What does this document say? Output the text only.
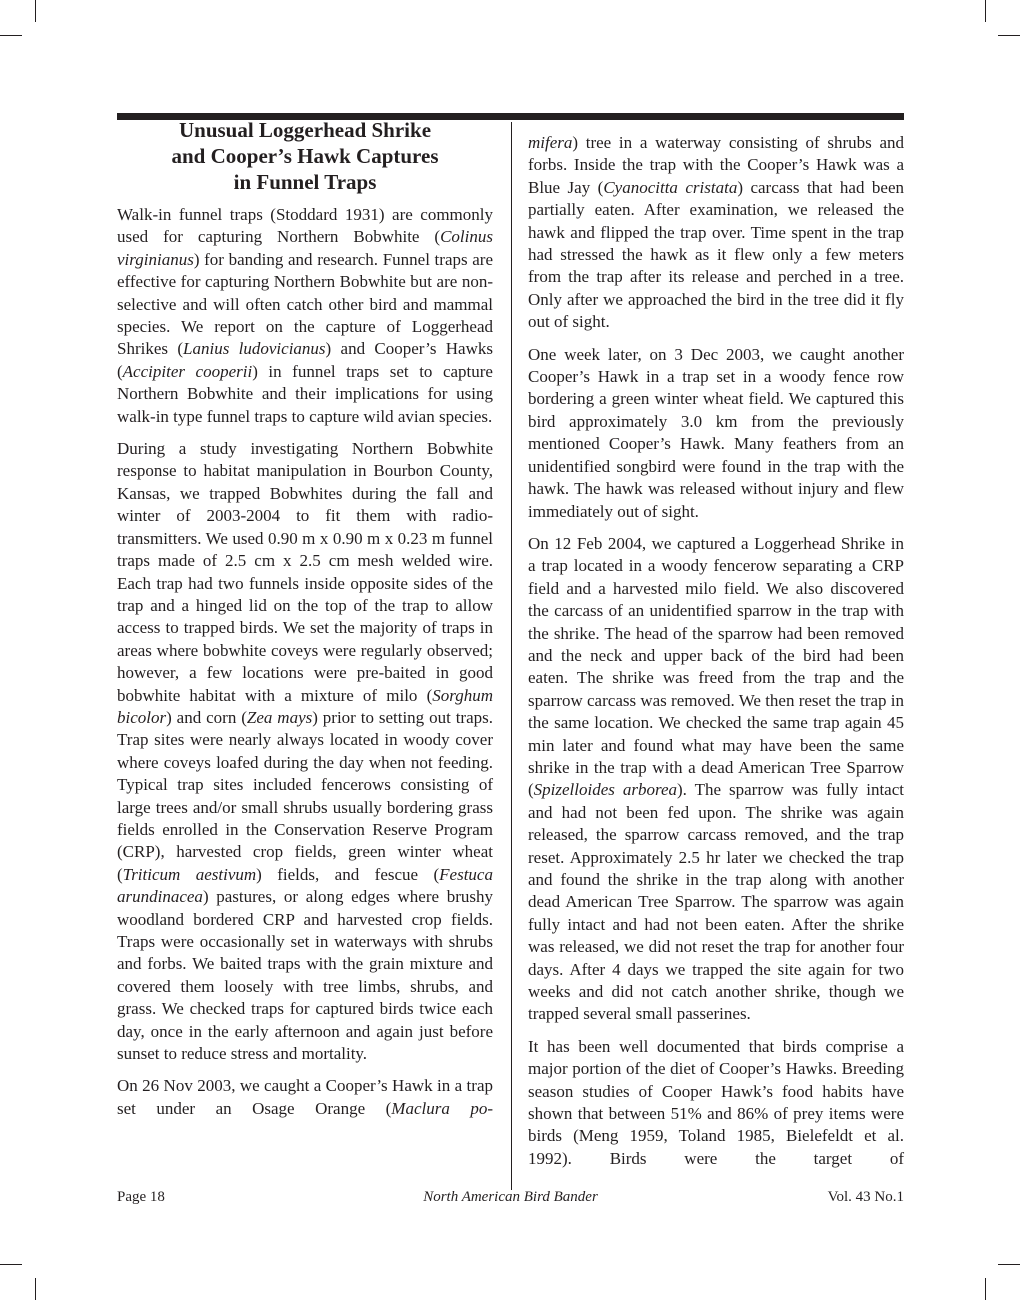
Unusual Loggerhead Shrike
and Cooper’s Hawk Captures
in Funnel Traps

Walk-in funnel traps (Stoddard 1931) are commonly used for capturing Northern Bobwhite (Colinus virginianus) for banding and research. Funnel traps are effective for capturing Northern Bobwhite but are non-selective and will often catch other bird and mammal species. We report on the capture of Loggerhead Shrikes (Lanius ludovicianus) and Cooper’s Hawks (Accipiter cooperii) in funnel traps set to capture Northern Bobwhite and their implications for using walk-in type funnel traps to capture wild avian species.

During a study investigating Northern Bobwhite response to habitat manipulation in Bourbon County, Kansas, we trapped Bobwhites during the fall and winter of 2003-2004 to fit them with radio-transmitters. We used 0.90 m x 0.90 m x 0.23 m funnel traps made of 2.5 cm x 2.5 cm mesh welded wire. Each trap had two funnels inside opposite sides of the trap and a hinged lid on the top of the trap to allow access to trapped birds. We set the majority of traps in areas where bobwhite coveys were regularly observed; however, a few locations were pre-baited in good bobwhite habitat with a mixture of milo (Sorghum bicolor) and corn (Zea mays) prior to setting out traps. Trap sites were nearly always located in woody cover where coveys loafed during the day when not feeding. Typical trap sites included fencerows consisting of large trees and/or small shrubs usually bordering grass fields enrolled in the Conservation Reserve Program (CRP), harvested crop fields, green winter wheat (Triticum aestivum) fields, and fescue (Festuca arundinacea) pastures, or along edges where brushy woodland bordered CRP and harvested crop fields. Traps were occasionally set in waterways with shrubs and forbs. We baited traps with the grain mixture and covered them loosely with tree limbs, shrubs, and grass. We checked traps for captured birds twice each day, once in the early afternoon and again just before sunset to reduce stress and mortality.

On 26 Nov 2003, we caught a Cooper’s Hawk in a trap set under an Osage Orange (Maclura po-

mifera) tree in a waterway consisting of shrubs and forbs. Inside the trap with the Cooper’s Hawk was a Blue Jay (Cyanocitta cristata) carcass that had been partially eaten. After examination, we released the hawk and flipped the trap over. Time spent in the trap had stressed the hawk as it flew only a few meters from the trap after its release and perched in a tree. Only after we approached the bird in the tree did it fly out of sight.

One week later, on 3 Dec 2003, we caught another Cooper’s Hawk in a trap set in a woody fence row bordering a green winter wheat field. We captured this bird approximately 3.0 km from the previously mentioned Cooper’s Hawk. Many feathers from an unidentified songbird were found in the trap with the hawk. The hawk was released without injury and flew immediately out of sight.

On 12 Feb 2004, we captured a Loggerhead Shrike in a trap located in a woody fencerow separating a CRP field and a harvested milo field. We also discovered the carcass of an unidentified sparrow in the trap with the shrike. The head of the sparrow had been removed and the neck and upper back of the bird had been eaten. The shrike was freed from the trap and the sparrow carcass was removed. We then reset the trap in the same location. We checked the same trap again 45 min later and found what may have been the same shrike in the trap with a dead American Tree Sparrow (Spizelloides arborea). The sparrow was fully intact and had not been fed upon. The shrike was again released, the sparrow carcass removed, and the trap reset. Approximately 2.5 hr later we checked the trap and found the shrike in the trap along with another dead American Tree Sparrow. The sparrow was again fully intact and had not been eaten. After the shrike was released, we did not reset the trap for another four days. After 4 days we trapped the site again for two weeks and did not catch another shrike, though we trapped several small passerines.

It has been well documented that birds comprise a major portion of the diet of Cooper’s Hawks. Breeding season studies of Cooper Hawk’s food habits have shown that between 51% and 86% of prey items were birds (Meng 1959, Toland 1985, Bielefeldt et al. 1992). Birds were the target of

Page 18	North American Bird Bander	Vol. 43 No.1
